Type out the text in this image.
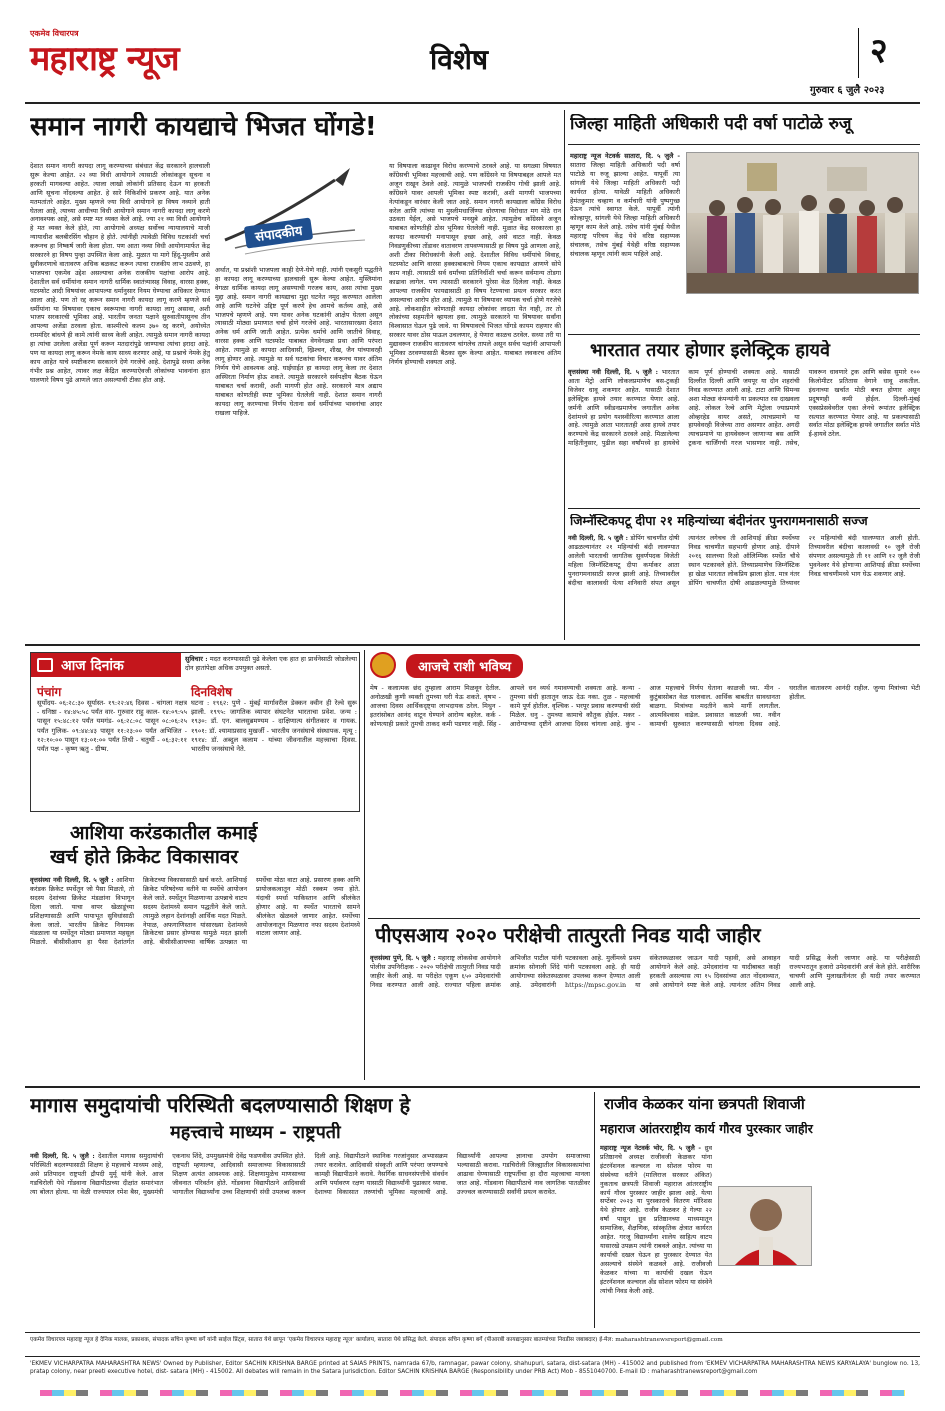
एकमेव विचारपत्र
महाराष्ट्र न्यूज	विशेष	२
गुरुवार ६ जुलै २०२३
समान नागरी कायद्याचे भिजत घोंगडे!
संपादकीय
देशात समान नागरी कायदा लागू करण्याच्या संबंधात केंद्र सरकारने हालचाली सुरू केल्या आहेत. २२ व्या विधी आयोगाने त्यासाठी लोकांकडून सूचना व हरकती मागवल्या आहेत. त्याला लाखो लोकांनी प्रतिसाद देऊन या हरकती आणि सूचना नोंदवल्या आहेत. हे सारे निकिशीचे प्रकरण आहे. यात अनेक मतमतांतरे आहेत. मुख्य म्हणजे ज्या विधी आयोगाने हा विषय नव्याने हाती घेतला आहे, त्याच्या आधीच्या विधी आयोगाने समान नागरी कायदा लागू करणे अनावश्यक आहे, असे स्पष्ट मत व्यक्त केले आहे. ज्या २१ व्या विधी आयोगाने हे मत व्यक्त केले होते, त्या आयोगाचे अध्यक्ष सर्वोच्च न्यायालयाचे माजी न्यायाधीश बलबीरसिंग चौहान हे होते. त्यांनीही त्यावेळी विविध घटकांशी चर्चा करूनच हा निष्कर्ष जारी केला होता. पण आता नव्या विधी आयोगामार्फत केंद्र सरकारने हा विषय पुन्हा उपस्थित केला आहे. मुळात या मागे हिंदू-मुस्लीम असे ध्रुवीकरणाचे वातावरण अधिक बळकट करून त्याचा राजकीय लाभ उठवणे, हा भाजपचा एकमेव उद्देश असल्याचा अनेक राजकीय पक्षांचा आरोप आहे. देशातील सर्व धर्मीयांना समान नागरी धार्मिक स्वातंत्र्यासह विवाह, वारसा हक्क, घटस्फोट आदी विषयांवर आपापल्या धर्मानुसार नियम घेण्याचा अधिकार देण्यात आला आहे. पण तो रद्द करून समान नागरी कायदा लागू करणे म्हणजे सर्व धर्मीयांना या विषयावर एकाच स्वरूपाचा नागरी कायदा लागू असावा, अशी भाजप सरकारची भूमिका आहे. भारतीय जनता पक्षाने सुरुवातीपासूनच तीन आपल्या अजेंडा ठरवला होता. काश्मीरचे कलम ३७० रद्द करणे, अयोध्येत राममंदिर बांधणे ही कामे त्यांनी साध्य केली आहेत. त्यामुळे समान नागरी कायदा हा त्यांचा उरलेला अजेंडा पूर्ण करून मतदारांपुढे जाण्याचा त्यांचा इरादा आहे. पण या कायदा लागू करून नेमके काय साध्य करणार आहे, या प्रश्नाचे नेमके हेतु काय आहेत याचे स्पष्टीकरण सरकारने देणे गरजेचे आहे. देशापुढे सध्या अनेक गंभीर प्रश्न आहेत, त्यावर लक्ष केंद्रित करण्याऐवजी लोकांच्या भावनांना हात घालणारे विषय पुढे आणले जात असल्याची टीका होत आहे.
अर्थात, या प्रश्नांशी भाजपला काही देणे-घेणे नाही. त्यांनी एकसुरी पद्धतीने हा कायदा लागू करण्याच्या हालचाली सुरू केल्या आहेत. मुस्लिमांना वेगळा धार्मिक कायदा लागू असण्याची गरजच काय, असा त्यांचा मुख्य मुद्दा आहे. समान नागरी कायद्याचा मुद्दा घटनेत नमूद करण्यात आलेला आहे आणि घटनेचे उद्दिष्ट पूर्ण करणे हेच आमचे कर्तव्य आहे, असे भाजपचे म्हणणे आहे. पण यावर अनेक घटकांनी आक्षेप घेतला असून त्यासाठी मोठ्या प्रमाणात चर्चा होणे गरजेचे आहे. भारतासारख्या देशात अनेक धर्म आणि जाती आहेत. प्रत्येक धर्माचे आणि जातीचे विवाह, वारसा हक्क आणि घटस्फोट याबाबत वेगवेगळ्या प्रथा आणि परंपरा आहेत. त्यामुळे हा कायदा आदिवासी, ख्रिश्चन, शीख, जैन यांच्यावरही लागू होणार आहे. त्यामुळे या सर्व घटकांचा विचार करूनच यावर अंतिम निर्णय घेणे आवश्यक आहे. घाईघाईत हा कायदा लागू केला तर देशात अस्थिरता निर्माण होऊ शकते. त्यामुळे सरकारने सर्वपक्षीय बैठक घेऊन याबाबत चर्चा करावी, अशी मागणी होत आहे. सरकारने मात्र अद्याप याबाबत कोणतीही स्पष्ट भूमिका घेतलेली नाही. देशात समान नागरी कायदा लागू करण्याचा निर्णय घेताना सर्व धर्मीयांच्या भावनांचा आदर राखला पाहिजे.
या विषयाला काढावून विरोध करण्याचे ठरवले आहे. या सगळ्या विषयात काँग्रेसची भूमिका महत्त्वाची आहे. पण काँग्रेसने या विषयाबद्दल आपले मत अजून राखून ठेवले आहे. त्यामुळे भाजपची राजकीय गोची झाली आहे. काँग्रेसने यावर आपली भूमिका स्पष्ट करावी, अशी मागणी भाजपच्या नेत्यांकडून वारंवार केली जात आहे. समान नागरी कायद्याला काँग्रेस विरोध करेल आणि त्यांच्या या मुस्लीमधार्जिण्या धोरणाचा विरोधात मग मोठे रान उठवता येईल, असे भाजपचे मनसुबे आहेत. त्यामुळेच काँग्रेसने अजून याबाबत कोणतीही ठोस भूमिका घेतलेली नाही. मुळात केंद्र सरकारला हा कायदा करण्याची मनापासून इच्छा आहे, असे वाटत नाही. केवळ निवडणुकीच्या तोंडावर वातावरण तापवण्यासाठी हा विषय पुढे आणला आहे, अशी टीका विरोधकांनी केली आहे. देशातील विविध धर्मीयांचे विवाह, घटस्फोट आणि वारसा हक्काबाबतचे नियम एकाच कायद्यात आणणे सोपे काम नाही. त्यासाठी सर्व धर्मांच्या प्रतिनिधींशी चर्चा करून सर्वमान्य तोडगा काढावा लागेल. पण त्यासाठी सरकारने पुरेसा वेळ दिलेला नाही. केवळ आपल्या राजकीय फायद्यासाठी हा विषय रेटण्याचा प्रयत्न सरकार करत असल्याचा आरोप होत आहे. त्यामुळे या विषयावर व्यापक चर्चा होणे गरजेचे आहे. लोकशाहीत कोणताही कायदा लोकांवर लादता येत नाही, तर तो लोकांच्या सहमतीने व्हायला हवा. त्यामुळे सरकारने या विषयावर सर्वांना विश्वासात घेऊन पुढे जावे. या विषयावरचे भिजत घोंगडे कायम राहणार की सरकार यावर ठोस पाऊल उचलणार, हे येणारा काळच ठरवेल. सध्या तरी या मुद्यावरून राजकीय वातावरण चांगलेच तापले असून सर्वच पक्षांनी आपापली भूमिका ठरवण्यासाठी बैठका सुरू केल्या आहेत. याबाबत लवकरच अंतिम निर्णय होण्याची शक्यता आहे.
जिल्हा माहिती अधिकारी पदी वर्षा पाटोळे रुजू
महाराष्ट्र न्यूज नेटवर्क सातारा, दि. ५ जुलै - सातारा जिल्हा माहिती अधिकारी पदी वर्षा पाटोळे या रुजू झाल्या आहेत. यापूर्वी त्या सांगली येथे जिल्हा माहिती अधिकारी पदी कार्यरत होत्या. यावेळी माहिती अधिकारी हेमंतकुमार चव्हाण व कर्मचारी यांनी पुष्पगुच्छ देऊन त्यांचे स्वागत केले. यापूर्वी त्यांनी कोल्हापूर, सांगली येथे जिल्हा माहिती अधिकारी म्हणून काम केले आहे. तसेच यांनी मुंबई येथील महाराष्ट्र परिचय केंद्र येथे वरिष्ठ सहाय्यक संचालक, तसेच मुंबई येथेही वरिष्ठ सहाय्यक संचालक म्हणून त्यांनी काम पाहिले आहे.
भारतात तयार होणार इलेक्ट्रिक हायवे
वृत्तसंस्था नवी दिल्ली, दि. ५ जुलै : भारतात आता मेट्रो आणि लोकलप्रमाणेच बस-ट्रकही विजेवर धावू शकणार आहेत. यासाठी देशात इलेक्ट्रिक हायवे तयार करण्यात येणार आहे. जर्मनी आणि स्वीडनप्रमाणेच जगातील अनेक देशांमध्ये हा प्रयोग यशस्वीरित्या करण्यात आला आहे. त्यामुळे आता भारतातही असा हायवे तयार करण्याचे केंद्र सरकारने ठरवले आहे. मिळालेल्या माहितीनुसार, पुढील सहा वर्षांमध्ये हा हायवेचे काम पूर्ण होण्याची शक्यता आहे. यासाठी दिल्लीत दिल्ली आणि जयपूर या दोन शहरांची निवड करण्यात आली आहे. टाटा आणि सिमन्स अशा मोठ्या कंपन्यांनी या प्रकल्पात रस दाखवला आहे. लोकल रेल्वे आणि मेट्रोला ज्याप्रमाणे ओव्हरहेड वायर असते, त्याचप्रमाणे या हायवेवरही विजेच्या तारा असणार आहेत. अगदी त्याचप्रमाणे या हायवेवरून जाणाऱ्या बस आणि ट्रकना चार्जिंगची गरज भासणार नाही. तसेच, यावरून धावणारे ट्रक आणि बसेस सुमारे १०० किलोमीटर प्रतितास वेगाने धावू शकतील. इंधनाच्या खर्चात मोठी बचत होणार असून प्रदूषणही कमी होईल. दिल्ली-मुंबई एक्सप्रेसवेवरील एका लेनचे रूपांतर इलेक्ट्रिक रस्त्यात करण्यात येणार आहे. या प्रकल्पासाठी सर्वात मोठा इलेक्ट्रिक हायवे जगातील सर्वात मोठे ई-हायवे ठरेल.
जिम्नॅस्टिकपटू दीपा २१ महिन्यांच्या बंदीनंतर पुनरागमनासाठी सज्ज
नवी दिल्ली, दि. ५ जुलै : डोपिंग चाचणीत दोषी आढळल्यानंतर २१ महिन्यांची बंदी लावण्यात आलेली भारताची जागतिक सुवर्णपदक विजेती महिला जिम्नॅस्टिकपटू दीपा कर्माकर आता पुनरागमनासाठी सज्ज झाली आहे. तिच्यावरील बंदीचा कालावधी येत्या शनिवारी संपत असून त्यानंतर लगेचच ती आशियाई क्रीडा स्पर्धेच्या निवड चाचणीत सहभागी होणार आहे. दीपाने २०१६ सालच्या रिओ ऑलिम्पिक स्पर्धेत चौथे स्थान पटकावले होते. तिच्याप्रमाणेच जिम्नॅस्टिक हा खेळ भारतात लोकप्रिय झाला होता. मात्र नंतर डोपिंग चाचणीत दोषी आढळल्यामुळे तिच्यावर २१ महिन्यांची बंदी घालण्यात आली होती. तिच्यावरील बंदीचा कालावधी १० जुलै रोजी संपणार असल्यामुळे ती ११ आणि १२ जुलै रोजी भुवनेश्वर येथे होणाऱ्या आशियाई क्रीडा स्पर्धेच्या निवड चाचणीमध्ये भाग घेऊ शकणार आहे.
आज दिनांक	सुविचार : मदत करण्यासाठी पुढे केलेला एक हात हा प्रार्थनेसाठी जोडलेल्या दोन हातांपेक्षा अधिक उपयुक्त असतो.
पंचांग
सूर्योदय- ०६:२८:३० सूर्यास्त- १९:२२:४६ दिवस - चांगला नक्षत्र - धनिष्ठा - १४:४५:५८ पर्यंत वार- गुरुवार राहु काल- १४:०९:५५ पासून १५:४८:१२ पर्यंत यमगंड- ०६:२८:०८ पासून ०८:०६:२५ पर्यंत गुलिक- ०९:४४:४३ पासून ११:२३:०० पर्यंत अभिजित - १२:१०:०० पासून १३:०१:०० पर्यंत तिथी - चतुर्थी - ०६:३२:११ पर्यंत पक्ष - कृष्ण ऋतु - ग्रीष्म.
दिनविशेष
घटना : १९६२: पुणे - मुंबई मार्गावरील डेक्कन क्वीन ही रेल्वे सुरू झाली. १९९५: जागतिक व्यापार संघटनेत भारताचा प्रवेश. जन्म : १९३०: डॉ. एन. बालसुब्रमण्यम - दाक्षिणात्य संगीतकार व गायक. १९०१: डॉ. श्यामाप्रसाद मुखर्जी - भारतीय जनसंघाचे संस्थापक. मृत्यू : १९१४: डॉ. अब्दुल कलाम - यांच्या जीवनातील महत्त्वाचा दिवस. भारतीय जनसंघाचे नेते.
आशिया करंडकातील कमाई
खर्च होते क्रिकेट विकासावर
वृत्तसंस्था नवी दिल्ली, दि. ५ जुलै : आशिया करंडक क्रिकेट स्पर्धेतून जो पैसा मिळतो, तो सदस्य देशांच्या क्रिकेट मंडळांना विभागून दिला जातो. याचा वापर खेळाडूंच्या प्रशिक्षणासाठी आणि पायाभूत सुविधांसाठी केला जातो. भारतीय क्रिकेट नियामक मंडळाला या स्पर्धेतून मोठ्या प्रमाणात महसूल मिळतो. बीसीसीआय हा पैसा देशांतर्गत क्रिकेटच्या विकासासाठी खर्च करते. आशियाई क्रिकेट परिषदेच्या वतीने या स्पर्धेचे आयोजन केले जाते. स्पर्धेतून मिळणाऱ्या उत्पन्नाचे वाटप सदस्य देशांमध्ये समान पद्धतीने केले जाते. त्यामुळे लहान देशांनाही आर्थिक मदत मिळते. नेपाळ, अफगाणिस्तान यांसारख्या देशांमध्ये क्रिकेटचा प्रसार होण्यास यामुळे मदत झाली आहे. बीसीसीआयच्या वार्षिक उत्पन्नात या स्पर्धेचा मोठा वाटा आहे. प्रसारण हक्क आणि प्रायोजकत्वातून मोठी रक्कम जमा होते. यंदाची स्पर्धा पाकिस्तान आणि श्रीलंकेत होणार आहे. या स्पर्धेत भारताचे सामने श्रीलंकेत खेळवले जाणार आहेत. स्पर्धेच्या आयोजनातून मिळणारा नफा सदस्य देशांमध्ये वाटला जाणार आहे.
आजचे राशी भविष्य
मेष - कलात्मक छंद तुम्हाला आराम मिळवून देतील. अनोळखी कुणी व्यक्ती तुमच्या घरी येऊ शकते. वृषभ - आजचा दिवस आर्थिकदृष्ट्या लाभदायक ठरेल. मिथुन - इतरांसोबत आनंद वाटून घेण्याने आरोग्य बहरेल. कर्क - कोणत्याही प्रकारे तुमची ताकद कमी पडणार नाही. सिंह - आपले धन व्यर्थ गमावण्याची शक्यता आहे. कन्या - तुमच्या संधी हातातून जाऊ देऊ नका. तुळ - महत्त्वाची कामे पूर्ण होतील. वृश्चिक - भरपूर प्रवास करण्याची संधी मिळेल. धनु - तुमच्या कामाचे कौतुक होईल. मकर - आरोग्याच्या दृष्टीने आजचा दिवस चांगला आहे. कुंभ - आज महत्त्वाचे निर्णय घेताना काळजी घ्या. मीन - कुटुंबासोबत वेळ घालवाल. आर्थिक बाबतीत सावधानता बाळगा. मित्रांच्या मदतीने कामे मार्गी लागतील. आत्मविश्वास वाढेल. प्रवासात काळजी घ्या. नवीन कामाची सुरुवात करण्यासाठी चांगला दिवस आहे. घरातील वातावरण आनंदी राहील. जुन्या मित्रांच्या भेटी होतील.
पीएसआय २०२० परीक्षेची तात्पुरती निवड यादी जाहीर
वृत्तसंस्था पुणे, दि. ५ जुलै : महाराष्ट्र लोकसेवा आयोगाने पोलीस उपनिरीक्षक - २०२० परीक्षेची तात्पुरती निवड यादी जाहीर केली आहे. या परीक्षेत एकूण ६५० उमेदवारांची निवड करण्यात आली आहे. राज्यात पहिला क्रमांक अभिजीत पाटील यांनी पटकावला आहे. मुलींमध्ये प्रथम क्रमांक सोनाली शिंदे यांनी पटकावला आहे. ही यादी आयोगाच्या संकेतस्थळावर उपलब्ध करून देण्यात आली आहे. उमेदवारांनी https://mpsc.gov.in या संकेतस्थळावर जाऊन यादी पहावी, असे आवाहन आयोगाने केले आहे. उमेदवारांना या यादीबाबत काही हरकती असल्यास त्या १५ दिवसांच्या आत नोंदवाव्यात, असे आयोगाने स्पष्ट केले आहे. त्यानंतर अंतिम निवड यादी प्रसिद्ध केली जाणार आहे. या परीक्षेसाठी राज्यभरातून हजारो उमेदवारांनी अर्ज केले होते. शारीरिक चाचणी आणि मुलाखतीनंतर ही यादी तयार करण्यात आली आहे.
मागास समुदायांची परिस्थिती बदलण्यासाठी शिक्षण हे
महत्त्वाचे माध्यम - राष्ट्रपती
नवी दिल्ली, दि. ५ जुलै : देशातील मागास समुदायांची परिस्थिती बदलण्यासाठी शिक्षण हे महत्त्वाचे माध्यम आहे, असे प्रतिपादन राष्ट्रपती द्रौपदी मुर्मू यांनी केले. आज गडचिरोली येथे गोंडवाना विद्यापीठाच्या दीक्षांत समारंभात त्या बोलत होत्या. या वेळी राज्यपाल रमेश बैस, मुख्यमंत्री एकनाथ शिंदे, उपमुख्यमंत्री देवेंद्र फडणवीस उपस्थित होते. राष्ट्रपती म्हणाल्या, आदिवासी समाजाच्या विकासासाठी शिक्षण अत्यंत आवश्यक आहे. शिक्षणामुळेच माणसाच्या जीवनात परिवर्तन होते. गोंडवाना विद्यापीठाने आदिवासी भागातील विद्यार्थ्यांना उच्च शिक्षणाची संधी उपलब्ध करून दिली आहे. विद्यापीठाने स्थानिक गरजांनुसार अभ्यासक्रम तयार करावेत. आदिवासी संस्कृती आणि परंपरा जपण्याचे कामही विद्यापीठाने करावे. नैसर्गिक साधनसंपत्तीचे संवर्धन आणि पर्यावरण रक्षण यासाठी विद्यार्थ्यांनी पुढाकार घ्यावा. देशाच्या विकासात तरुणांची भूमिका महत्त्वाची आहे. विद्यार्थ्यांनी आपल्या ज्ञानाचा उपयोग समाजाच्या भल्यासाठी करावा. गडचिरोली जिल्ह्यातील विकासकामांचा आढावा घेण्यासाठी राष्ट्रपतींचा हा दौरा महत्त्वाचा मानला जात आहे. गोंडवाना विद्यापीठाचे नाव जागतिक पातळीवर उज्ज्वल करण्यासाठी सर्वांनी प्रयत्न करावेत.
राजीव केळकर यांना छत्रपती शिवाजी
महाराज आंतरराष्ट्रीय कार्य गौरव पुरस्कार जाहीर
महाराष्ट्र न्यूज नेटवर्क भोर, दि. ५ जुलै - ध्रुव प्रतिष्ठानचे अध्यक्ष राजीवजी केळकर यांना इंटरनॅशनल कल्चरल ना सोशल फोरम या संस्थेच्या वतीने (मालिराज सरकार अंकित) नुकताच छत्रपती शिवाजी महाराज आंतरराष्ट्रीय कार्य गौरव पुरस्कार जाहीर झाला आहे. येत्या सप्टेंबर २०२३ या पुरस्काराचे वितरण मॉरिशस येथे होणार आहे. राजीव केळकर हे गेल्या २२ वर्षां पासून ध्रुव प्रतिष्ठानच्या माध्यमातून सामाजिक, शैक्षणिक, सांस्कृतिक क्षेत्रात कार्यरत आहेत. गरजू विद्यार्थ्यांना शालेय साहित्य वाटप यासारखे उपक्रम त्यांनी राबवले आहेत. त्यांच्या या कार्याची दखल घेऊन हा पुरस्कार देण्यात येत असल्याचे संस्थेने कळवले आहे. राजीवजी केळकर यांच्या या कार्याची दखल घेऊन इंटरनॅशनल कल्चरल अँड सोशल फोरम या संस्थेने त्यांची निवड केली आहे.
एकमेव विचारपत्र महाराष्ट्र न्यूज हे दैनिक मालक, प्रकाशक, संपादक सचिन कृष्णा बर्गे यांनी साईज प्रिंट्स, सातारा येथे छापून ‘एकमेव विचारपत्र महाराष्ट्र न्यूज’ कार्यालय, सातारा येथे प्रसिद्ध केले. संपादक सचिन कृष्णा बर्गे (पीआरबी कायद्यानुसार बातम्यांच्या निवडीस जबाबदार) ई-मेल: maharashtranewsreport@gmail.com
'EKMEV VICHARPATRA MAHARASHTRA NEWS' Owned by Publisher, Editor SACHIN KRISHNA BARGE printed at SAIAS PRINTS, namrada 67/b, ramnagar, pawar colony, shahupuri, satara, dist-satara (MH) - 415002 and published from 'EKMEV VICHARPATRA MAHARASHTRA NEWS KARYALAYA' bunglow no. 13, pratap colony, near preeti executive hotel, dist- satara (MH) - 415002. All debates will remain in the Satara jurisdiction. Editor SACHIN KRISHNA BARGE (Responsibility under PRB Act) Mob - 8551040700. E-mail ID : maharashtranewsreport@gmail.com
